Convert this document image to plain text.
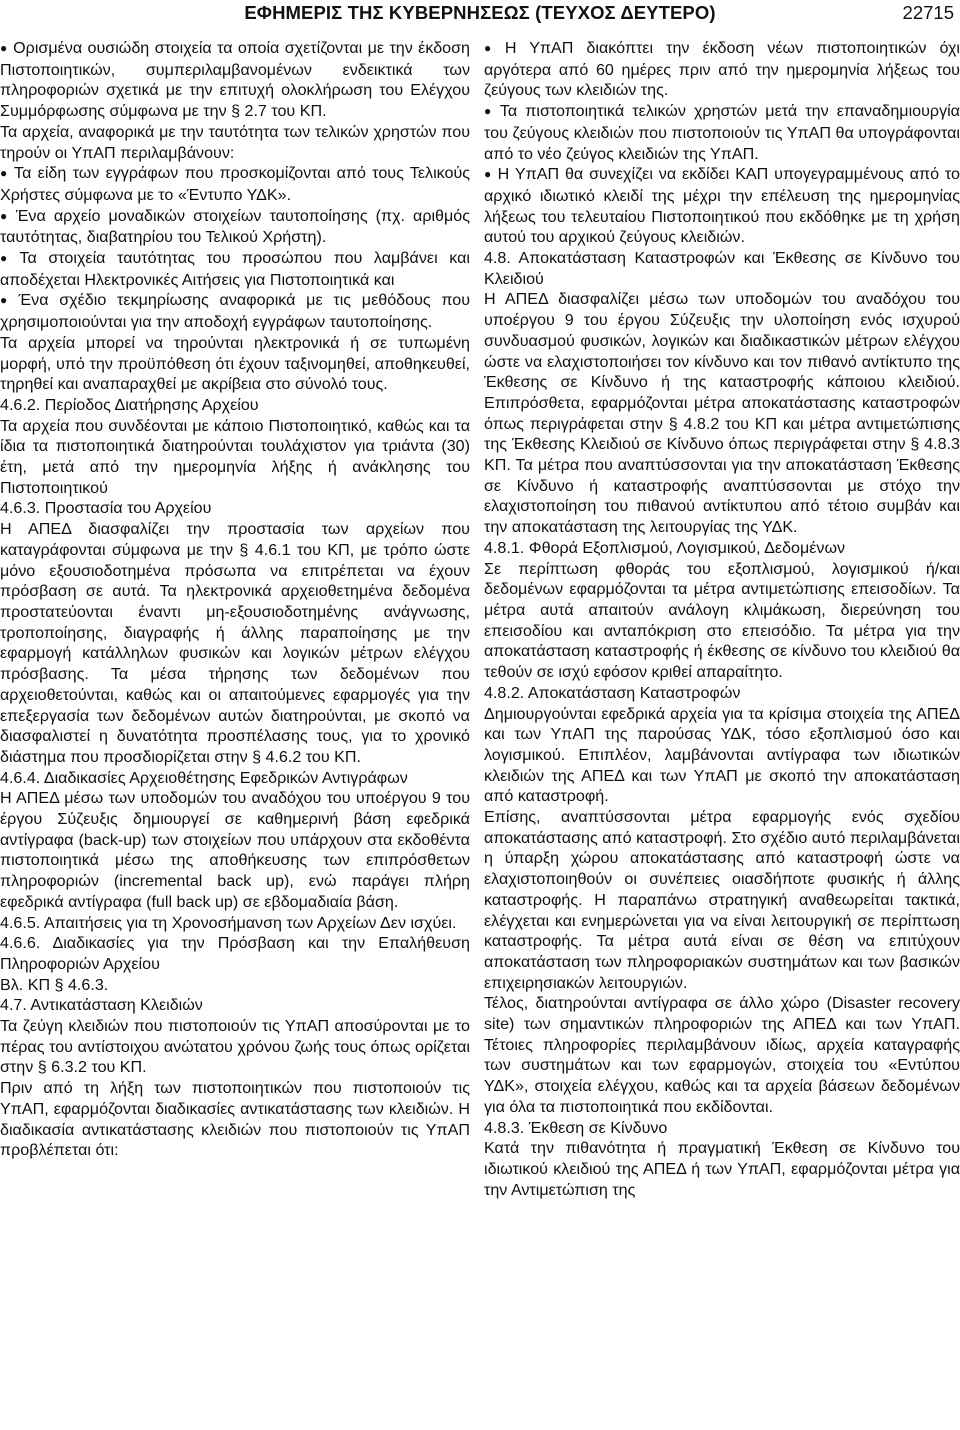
ΕΦΗΜΕΡΙΣ ΤΗΣ ΚΥΒΕΡΝΗΣΕΩΣ (ΤΕΥΧΟΣ ΔΕΥΤΕΡΟ)	22715

● Ορισμένα ουσιώδη στοιχεία τα οποία σχετίζονται με την έκδοση Πιστοποιητικών, συμπεριλαμβανομένων ενδεικτικά των πληροφοριών σχετικά με την επιτυχή ολοκλήρωση του Ελέγχου Συμμόρφωσης σύμφωνα με την § 2.7 του ΚΠ.

Τα αρχεία, αναφορικά με την ταυτότητα των τελικών χρηστών που τηρούν οι ΥπΑΠ περιλαμβάνουν:

● Τα είδη των εγγράφων που προσκομίζονται από τους Τελικούς Χρήστες σύμφωνα με το «Έντυπο ΥΔΚ».

● Ένα αρχείο μοναδικών στοιχείων ταυτοποίησης (πχ. αριθμός ταυτότητας, διαβατηρίου του Τελικού Χρήστη).

● Τα στοιχεία ταυτότητας του προσώπου που λαμβάνει και αποδέχεται Ηλεκτρονικές Αιτήσεις για Πιστοποιητικά και

● Ένα σχέδιο τεκμηρίωσης αναφορικά με τις μεθόδους που χρησιμοποιούνται για την αποδοχή εγγράφων ταυτοποίησης.

Τα αρχεία μπορεί να τηρούνται ηλεκτρονικά ή σε τυπωμένη μορφή, υπό την προϋπόθεση ότι έχουν ταξινομηθεί, αποθηκευθεί, τηρηθεί και αναπαραχθεί με ακρίβεια στο σύνολό τους.

4.6.2. Περίοδος Διατήρησης Αρχείου

Τα αρχεία που συνδέονται με κάποιο Πιστοποιητικό, καθώς και τα ίδια τα πιστοποιητικά διατηρούνται τουλάχιστον για τριάντα (30) έτη, μετά από την ημερομηνία λήξης ή ανάκλησης του Πιστοποιητικού

4.6.3. Προστασία του Αρχείου

Η ΑΠΕΔ διασφαλίζει την προστασία των αρχείων που καταγράφονται σύμφωνα με την § 4.6.1 του ΚΠ, με τρόπο ώστε μόνο εξουσιοδοτημένα πρόσωπα να επιτρέπεται να έχουν πρόσβαση σε αυτά. Τα ηλεκτρονικά αρχειοθετημένα δεδομένα προστατεύονται έναντι μη-εξουσιοδοτημένης ανάγνωσης, τροποποίησης, διαγραφής ή άλλης παραποίησης με την εφαρμογή κατάλληλων φυσικών και λογικών μέτρων ελέγχου πρόσβασης. Τα μέσα τήρησης των δεδομένων που αρχειοθετούνται, καθώς και οι απαιτούμενες εφαρμογές για την επεξεργασία των δεδομένων αυτών διατηρούνται, με σκοπό να διασφαλιστεί η δυνατότητα προσπέλασης τους, για το χρονικό διάστημα που προσδιορίζεται στην § 4.6.2 του ΚΠ.

4.6.4. Διαδικασίες Αρχειοθέτησης Εφεδρικών Αντιγράφων

Η ΑΠΕΔ μέσω των υποδομών του αναδόχου του υποέργου 9 του έργου Σύζευξις δημιουργεί σε καθημερινή βάση εφεδρικά αντίγραφα (back-up) των στοιχείων που υπάρχουν στα εκδοθέντα πιστοποιητικά μέσω της αποθήκευσης των επιπρόσθετων πληροφοριών (incremental back up), ενώ παράγει πλήρη εφεδρικά αντίγραφα (full back up) σε εβδομαδιαία βάση.

4.6.5. Απαιτήσεις για τη Χρονοσήμανση των Αρχείων Δεν ισχύει.

4.6.6. Διαδικασίες για την Πρόσβαση και την Επαλήθευση Πληροφοριών Αρχείου

Βλ. ΚΠ § 4.6.3.

4.7. Αντικατάσταση Κλειδιών

Τα ζεύγη κλειδιών που πιστοποιούν τις ΥπΑΠ αποσύρονται με το πέρας του αντίστοιχου ανώτατου χρόνου ζωής τους όπως ορίζεται στην § 6.3.2 του ΚΠ.

Πριν από τη λήξη των πιστοποιητικών που πιστοποιούν τις ΥπΑΠ, εφαρμόζονται διαδικασίες αντικατάστασης των κλειδιών. Η διαδικασία αντικατάστασης κλειδιών που πιστοποιούν τις ΥπΑΠ προβλέπεται ότι:

● Η ΥπΑΠ διακόπτει την έκδοση νέων πιστοποιητικών όχι αργότερα από 60 ημέρες πριν από την ημερομηνία λήξεως του ζεύγους των κλειδιών της.

● Τα πιστοποιητικά τελικών χρηστών μετά την επαναδημιουργία του ζεύγους κλειδιών που πιστοποιούν τις ΥπΑΠ θα υπογράφονται από το νέο ζεύγος κλειδιών της ΥπΑΠ.

● Η ΥπΑΠ θα συνεχίζει να εκδίδει ΚΑΠ υπογεγραμμένους από το αρχικό ιδιωτικό κλειδί της μέχρι την επέλευση της ημερομηνίας λήξεως του τελευταίου Πιστοποιητικού που εκδόθηκε με τη χρήση αυτού του αρχικού ζεύγους κλειδιών.

4.8. Αποκατάσταση Καταστροφών και Έκθεσης σε Κίνδυνο του Κλειδιού

Η ΑΠΕΔ διασφαλίζει μέσω των υποδομών του αναδόχου του υποέργου 9 του έργου Σύζευξις την υλοποίηση ενός ισχυρού συνδυασμού φυσικών, λογικών και διαδικαστικών μέτρων ελέγχου ώστε να ελαχιστοποιήσει τον κίνδυνο και τον πιθανό αντίκτυπο της Έκθεσης σε Κίνδυνο ή της καταστροφής κάποιου κλειδιού. Επιπρόσθετα, εφαρμόζονται μέτρα αποκατάστασης καταστροφών όπως περιγράφεται στην § 4.8.2 του ΚΠ και μέτρα αντιμετώπισης της Έκθεσης Κλειδιού σε Κίνδυνο όπως περιγράφεται στην § 4.8.3 ΚΠ. Τα μέτρα που αναπτύσσονται για την αποκατάσταση Έκθεσης σε Κίνδυνο ή καταστροφής αναπτύσσονται με στόχο την ελαχιστοποίηση του πιθανού αντίκτυπου από τέτοιο συμβάν και την αποκατάσταση της λειτουργίας της ΥΔΚ.

4.8.1. Φθορά Εξοπλισμού, Λογισμικού, Δεδομένων

Σε περίπτωση φθοράς του εξοπλισμού, λογισμικού ή/και δεδομένων εφαρμόζονται τα μέτρα αντιμετώπισης επεισοδίων. Τα μέτρα αυτά απαιτούν ανάλογη κλιμάκωση, διερεύνηση του επεισοδίου και ανταπόκριση στο επεισόδιο. Τα μέτρα για την αποκατάσταση καταστροφής ή έκθεσης σε κίνδυνο του κλειδιού θα τεθούν σε ισχύ εφόσον κριθεί απαραίτητο.

4.8.2. Αποκατάσταση Καταστροφών

Δημιουργούνται εφεδρικά αρχεία για τα κρίσιμα στοιχεία της ΑΠΕΔ και των ΥπΑΠ της παρούσας ΥΔΚ, τόσο εξοπλισμού όσο και λογισμικού. Επιπλέον, λαμβάνονται αντίγραφα των ιδιωτικών κλειδιών της ΑΠΕΔ και των ΥπΑΠ με σκοπό την αποκατάσταση από καταστροφή.

Επίσης, αναπτύσσονται μέτρα εφαρμογής ενός σχεδίου αποκατάστασης από καταστροφή. Στο σχέδιο αυτό περιλαμβάνεται η ύπαρξη χώρου αποκατάστασης από καταστροφή ώστε να ελαχιστοποιηθούν οι συνέπειες οιασδήποτε φυσικής ή άλλης καταστροφής. Η παραπάνω στρατηγική αναθεωρείται τακτικά, ελέγχεται και ενημερώνεται για να είναι λειτουργική σε περίπτωση καταστροφής. Τα μέτρα αυτά είναι σε θέση να επιτύχουν αποκατάσταση των πληροφοριακών συστημάτων και των βασικών επιχειρησιακών λειτουργιών.

Τέλος, διατηρούνται αντίγραφα σε άλλο χώρο (Disaster recovery site) των σημαντικών πληροφοριών της ΑΠΕΔ και των ΥπΑΠ. Τέτοιες πληροφορίες περιλαμβάνουν ιδίως, αρχεία καταγραφής των συστημάτων και των εφαρμογών, στοιχεία του «Εντύπου ΥΔΚ», στοιχεία ελέγχου, καθώς και τα αρχεία βάσεων δεδομένων για όλα τα πιστοποιητικά που εκδίδονται.

4.8.3. Έκθεση σε Κίνδυνο

Κατά την πιθανότητα ή πραγματική Έκθεση σε Κίνδυνο του ιδιωτικού κλειδιού της ΑΠΕΔ ή των ΥπΑΠ, εφαρμόζονται μέτρα για την Αντιμετώπιση της
